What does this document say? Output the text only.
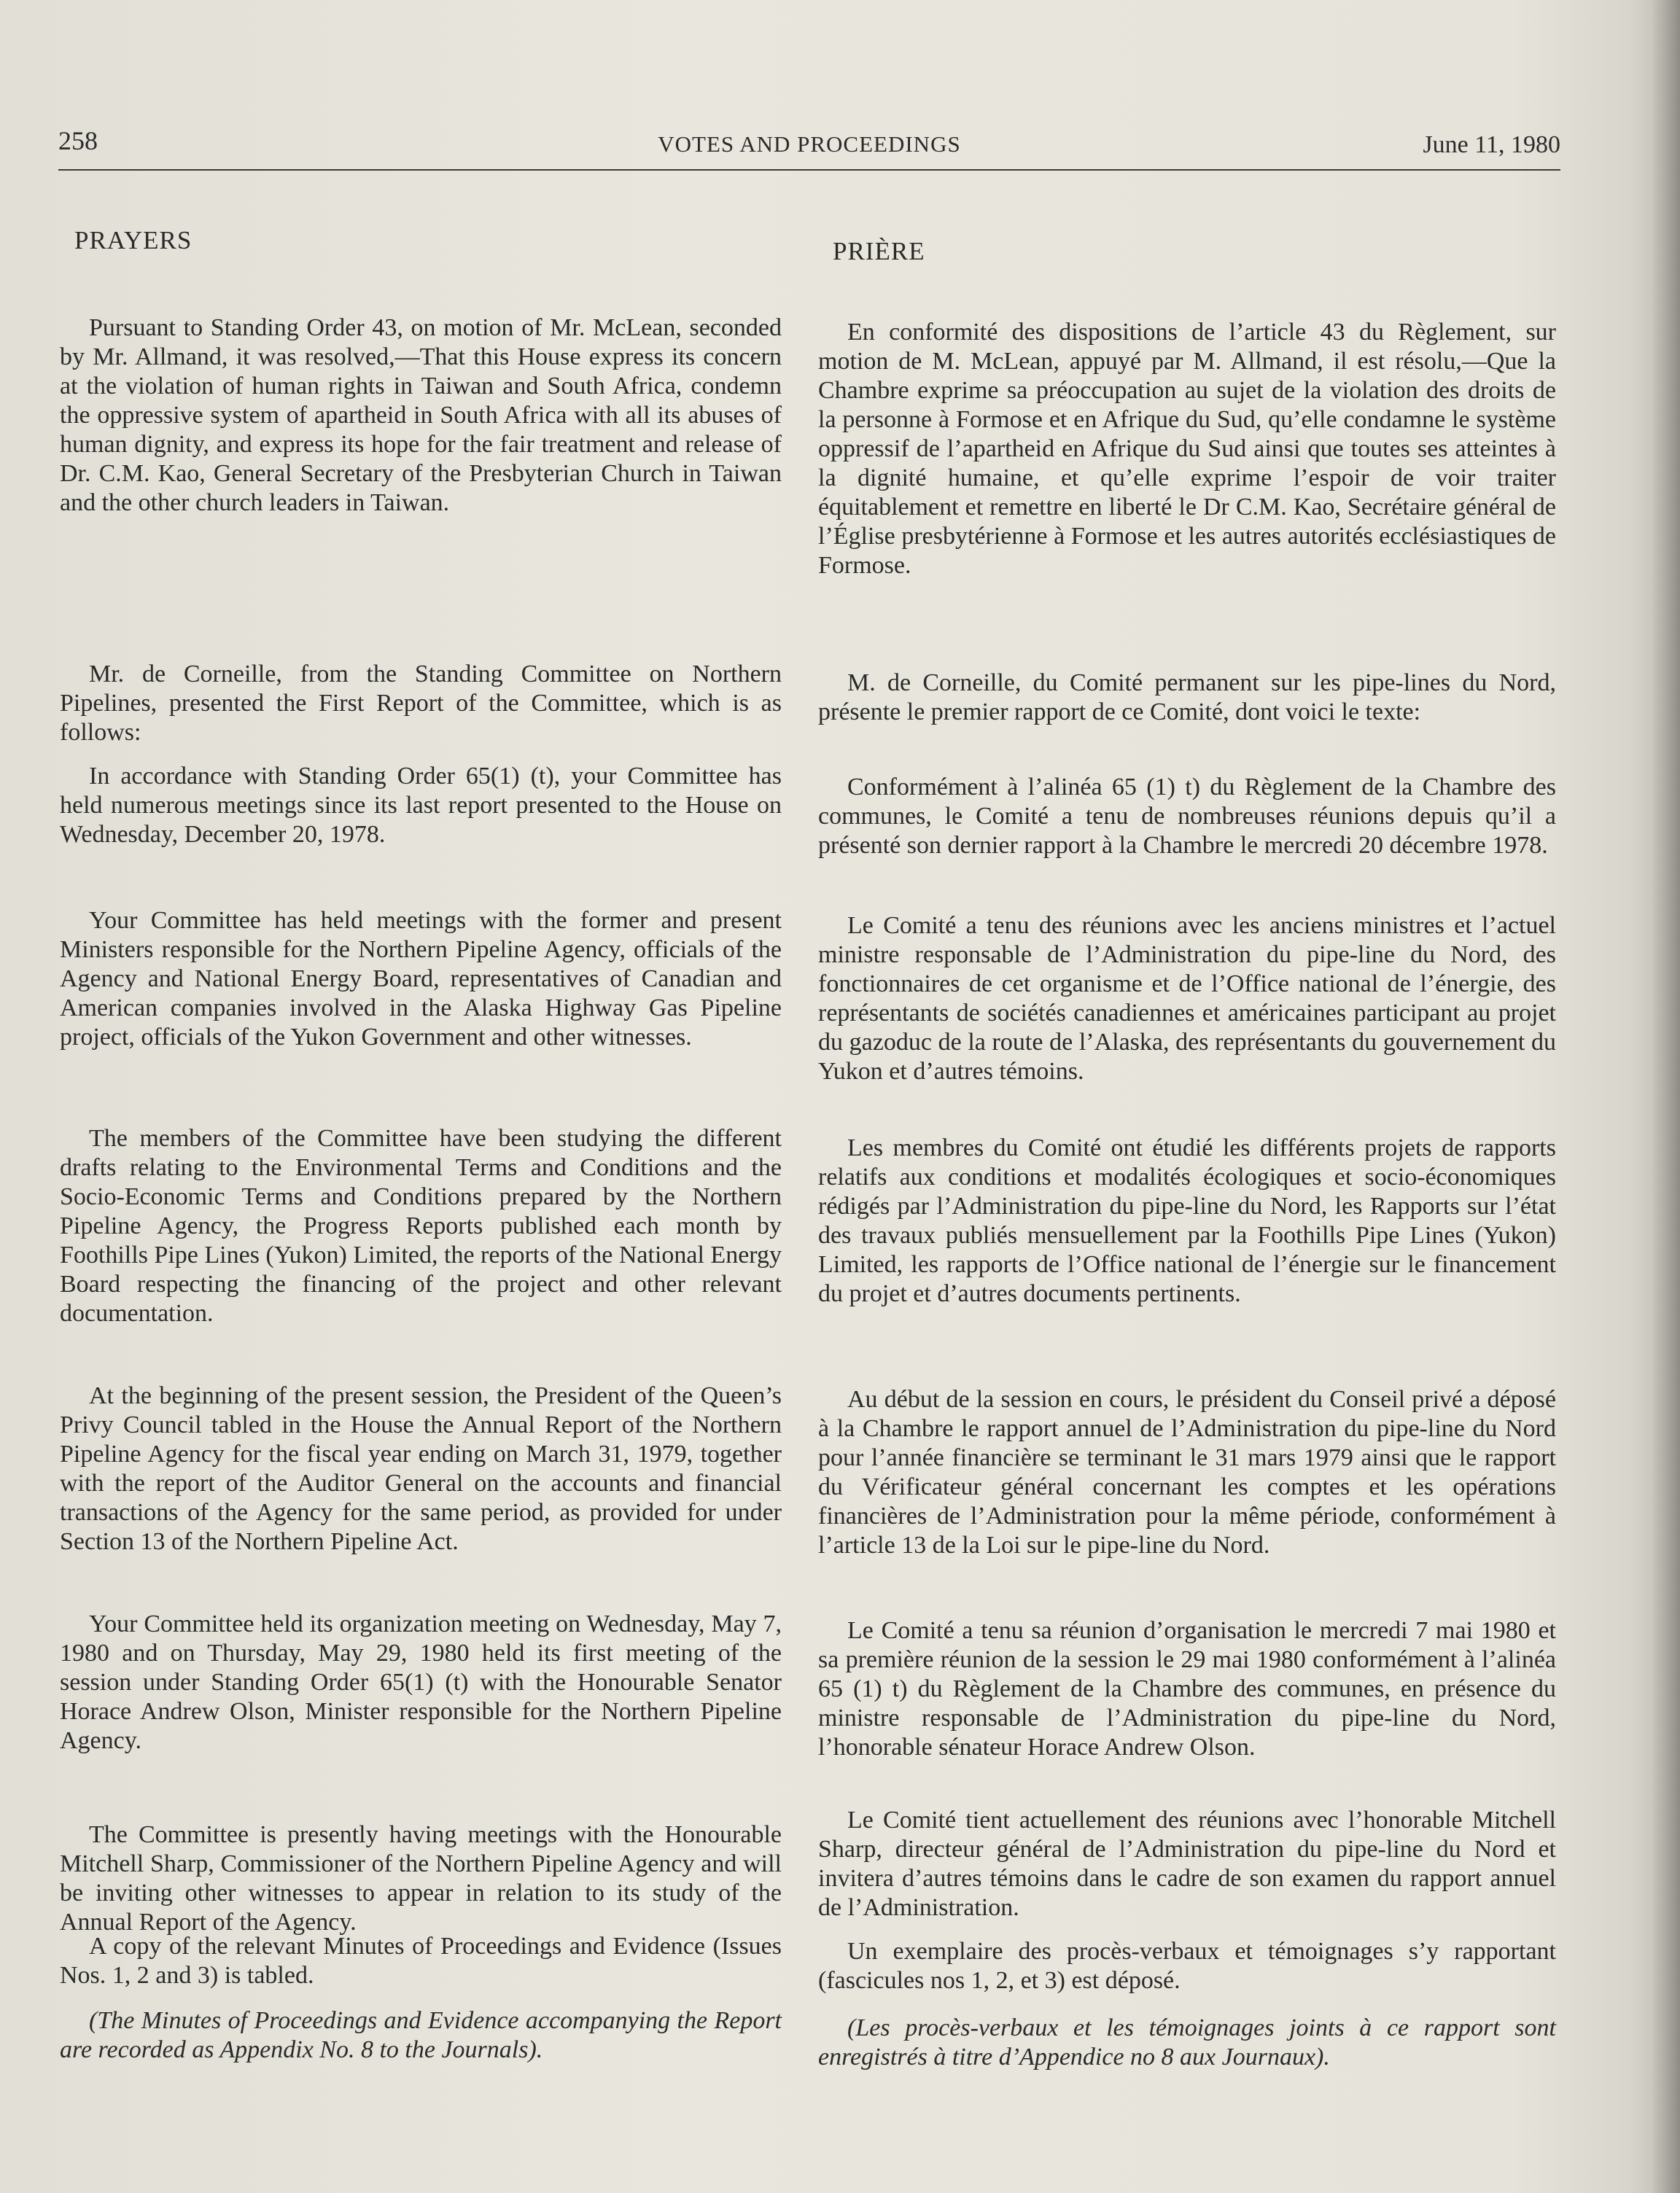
258	VOTES AND PROCEEDINGS	June 11, 1980
PRAYERS

Pursuant to Standing Order 43, on motion of Mr. McLean, seconded by Mr. Allmand, it was resolved,—That this House express its concern at the violation of human rights in Taiwan and South Africa, condemn the oppressive system of apartheid in South Africa with all its abuses of human dignity, and express its hope for the fair treatment and release of Dr. C.M. Kao, General Secretary of the Presbyterian Church in Taiwan and the other church leaders in Taiwan.

Mr. de Corneille, from the Standing Committee on Northern Pipelines, presented the First Report of the Committee, which is as follows:

In accordance with Standing Order 65(1) (t), your Committee has held numerous meetings since its last report presented to the House on Wednesday, December 20, 1978.

Your Committee has held meetings with the former and present Ministers responsible for the Northern Pipeline Agency, officials of the Agency and National Energy Board, representatives of Canadian and American companies involved in the Alaska Highway Gas Pipeline project, officials of the Yukon Government and other witnesses.

The members of the Committee have been studying the different drafts relating to the Environmental Terms and Conditions and the Socio-Economic Terms and Conditions prepared by the Northern Pipeline Agency, the Progress Reports published each month by Foothills Pipe Lines (Yukon) Limited, the reports of the National Energy Board respecting the financing of the project and other relevant documentation.

At the beginning of the present session, the President of the Queen’s Privy Council tabled in the House the Annual Report of the Northern Pipeline Agency for the fiscal year ending on March 31, 1979, together with the report of the Auditor General on the accounts and financial transactions of the Agency for the same period, as provided for under Section 13 of the Northern Pipeline Act.

Your Committee held its organization meeting on Wednesday, May 7, 1980 and on Thursday, May 29, 1980 held its first meeting of the session under Standing Order 65(1) (t) with the Honourable Senator Horace Andrew Olson, Minister responsible for the Northern Pipeline Agency.

The Committee is presently having meetings with the Honourable Mitchell Sharp, Commissioner of the Northern Pipeline Agency and will be inviting other witnesses to appear in relation to its study of the Annual Report of the Agency.

A copy of the relevant Minutes of Proceedings and Evidence (Issues Nos. 1, 2 and 3) is tabled.

(The Minutes of Proceedings and Evidence accompanying the Report are recorded as Appendix No. 8 to the Journals).

PRIÈRE

En conformité des dispositions de l’article 43 du Règlement, sur motion de M. McLean, appuyé par M. Allmand, il est résolu,—Que la Chambre exprime sa préoccupation au sujet de la violation des droits de la personne à Formose et en Afrique du Sud, qu’elle condamne le système oppressif de l’apartheid en Afrique du Sud ainsi que toutes ses atteintes à la dignité humaine, et qu’elle exprime l’espoir de voir traiter équitablement et remettre en liberté le Dr C.M. Kao, Secrétaire général de l’Église presbytérienne à Formose et les autres autorités ecclésiastiques de Formose.

M. de Corneille, du Comité permanent sur les pipe-lines du Nord, présente le premier rapport de ce Comité, dont voici le texte:

Conformément à l’alinéa 65 (1) t) du Règlement de la Chambre des communes, le Comité a tenu de nombreuses réunions depuis qu’il a présenté son dernier rapport à la Chambre le mercredi 20 décembre 1978.

Le Comité a tenu des réunions avec les anciens ministres et l’actuel ministre responsable de l’Administration du pipe-line du Nord, des fonctionnaires de cet organisme et de l’Office national de l’énergie, des représentants de sociétés canadiennes et américaines participant au projet du gazoduc de la route de l’Alaska, des représentants du gouvernement du Yukon et d’autres témoins.

Les membres du Comité ont étudié les différents projets de rapports relatifs aux conditions et modalités écologiques et socio-économiques rédigés par l’Administration du pipe-line du Nord, les Rapports sur l’état des travaux publiés mensuellement par la Foothills Pipe Lines (Yukon) Limited, les rapports de l’Office national de l’énergie sur le financement du projet et d’autres documents pertinents.

Au début de la session en cours, le président du Conseil privé a déposé à la Chambre le rapport annuel de l’Administration du pipe-line du Nord pour l’année financière se terminant le 31 mars 1979 ainsi que le rapport du Vérificateur général concernant les comptes et les opérations financières de l’Administration pour la même période, conformément à l’article 13 de la Loi sur le pipe-line du Nord.

Le Comité a tenu sa réunion d’organisation le mercredi 7 mai 1980 et sa première réunion de la session le 29 mai 1980 conformément à l’alinéa 65 (1) t) du Règlement de la Chambre des communes, en présence du ministre responsable de l’Administration du pipe-line du Nord, l’honorable sénateur Horace Andrew Olson.

Le Comité tient actuellement des réunions avec l’honorable Mitchell Sharp, directeur général de l’Administration du pipe-line du Nord et invitera d’autres témoins dans le cadre de son examen du rapport annuel de l’Administration.

Un exemplaire des procès-verbaux et témoignages s’y rapportant (fascicules nos 1, 2, et 3) est déposé.

(Les procès-verbaux et les témoignages joints à ce rapport sont enregistrés à titre d’Appendice no 8 aux Journaux).
